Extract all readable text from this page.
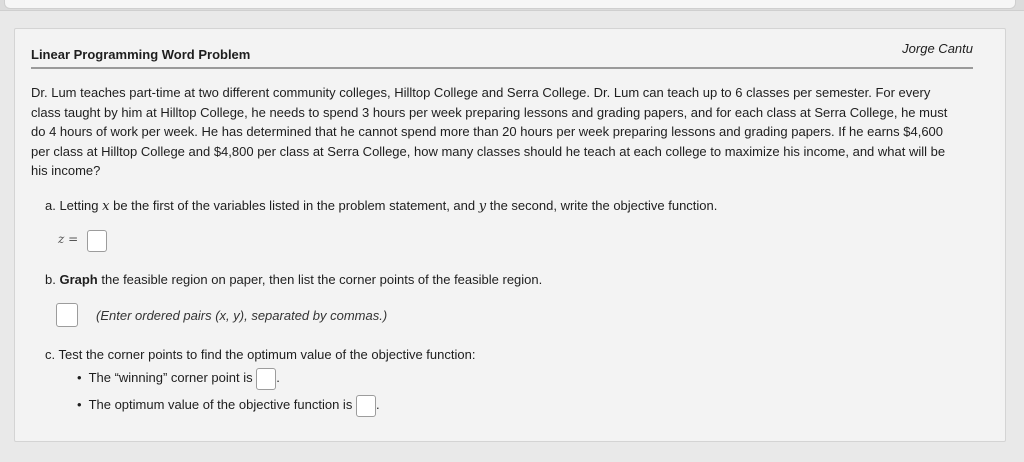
Linear Programming Word Problem	Jorge Cantu
Dr. Lum teaches part-time at two different community colleges, Hilltop College and Serra College. Dr. Lum can teach up to 6 classes per semester. For every class taught by him at Hilltop College, he needs to spend 3 hours per week preparing lessons and grading papers, and for each class at Serra College, he must do 4 hours of work per week. He has determined that he cannot spend more than 20 hours per week preparing lessons and grading papers. If he earns $4,600 per class at Hilltop College and $4,800 per class at Serra College, how many classes should he teach at each college to maximize his income, and what will be his income?
a. Letting x be the first of the variables listed in the problem statement, and y the second, write the objective function.
z =
b. Graph the feasible region on paper, then list the corner points of the feasible region.
(Enter ordered pairs (x, y), separated by commas.)
c. Test the corner points to find the optimum value of the objective function:
• The “winning” corner point is .
• The optimum value of the objective function is .
